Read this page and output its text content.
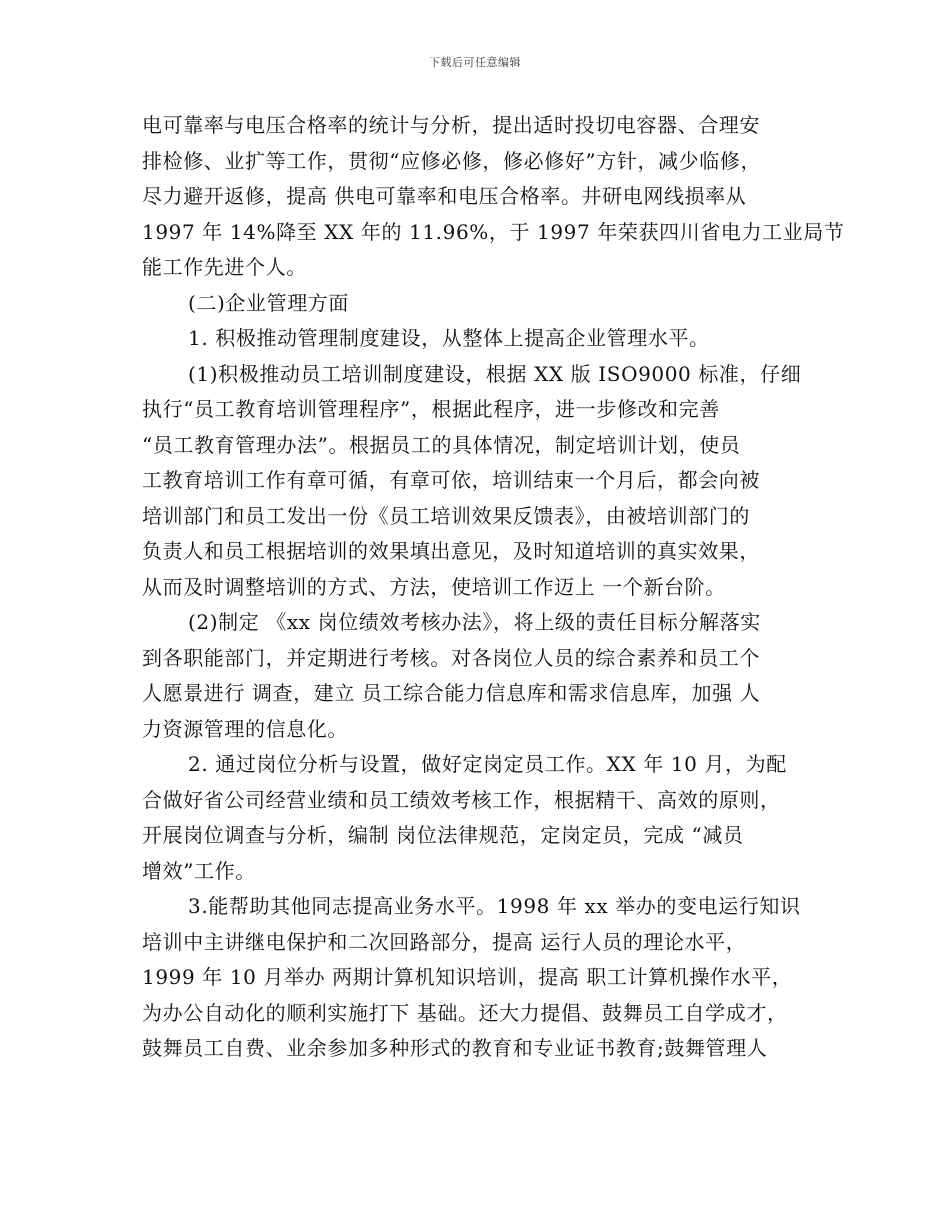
下载后可任意编辑
电可靠率与电压合格率的统计与分析，提出适时投切电容器、合理安
排检修、业扩等工作，贯彻“应修必修，修必修好”方针，减少临修，
尽力避开返修，提高 供电可靠率和电压合格率。井研电网线损率从
1997 年 14%降至 XX 年的 11.96%，于 1997 年荣获四川省电力工业局节
能工作先进个人。
(二)企业管理方面
1. 积极推动管理制度建设，从整体上提高企业管理水平。
(1)积极推动员工培训制度建设，根据 XX 版 ISO9000 标准，仔细
执行“员工教育培训管理程序”，根据此程序，进一步修改和完善
“员工教育管理办法”。根据员工的具体情况，制定培训计划，使员
工教育培训工作有章可循，有章可依，培训结束一个月后，都会向被
培训部门和员工发出一份《员工培训效果反馈表》，由被培训部门的
负责人和员工根据培训的效果填出意见，及时知道培训的真实效果，
从而及时调整培训的方式、方法，使培训工作迈上 一个新台阶。
(2)制定 《xx 岗位绩效考核办法》，将上级的责任目标分解落实
到各职能部门，并定期进行考核。对各岗位人员的综合素养和员工个
人愿景进行 调查，建立 员工综合能力信息库和需求信息库，加强 人
力资源管理的信息化。
2. 通过岗位分析与设置，做好定岗定员工作。XX 年 10 月，为配
合做好省公司经营业绩和员工绩效考核工作，根据精干、高效的原则，
开展岗位调查与分析，编制 岗位法律规范，定岗定员，完成 “减员
增效”工作。
3.能帮助其他同志提高业务水平。1998 年 xx 举办的变电运行知识
培训中主讲继电保护和二次回路部分，提高 运行人员的理论水平，
1999 年 10 月举办 两期计算机知识培训，提高 职工计算机操作水平，
为办公自动化的顺利实施打下 基础。还大力提倡、鼓舞员工自学成才，
鼓舞员工自费、业余参加多种形式的教育和专业证书教育;鼓舞管理人
